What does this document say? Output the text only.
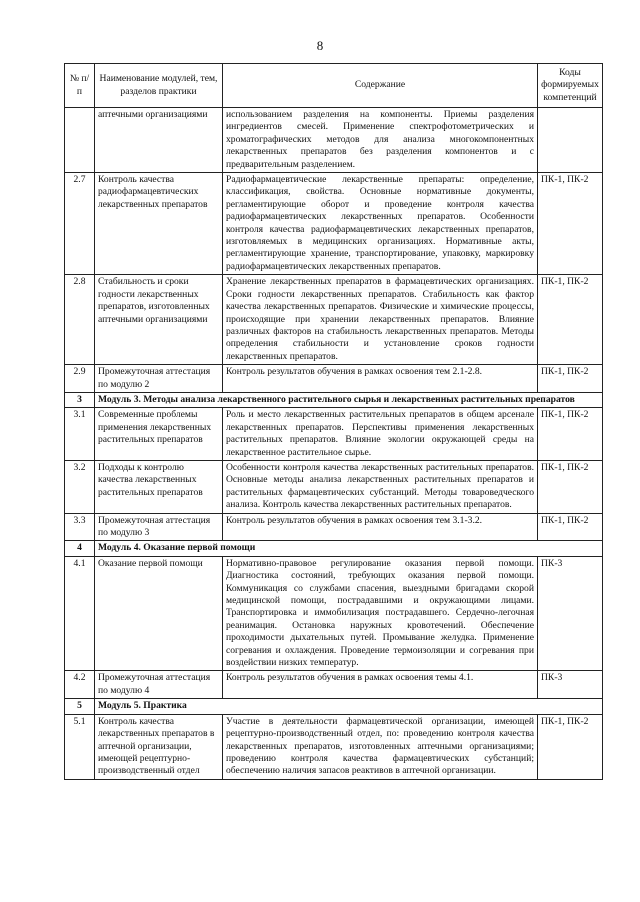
8
№ п/п	Наименование модулей, тем, разделов практики	Содержание	Коды формируемых компетенций
	аптечными организациями	использованием разделения на компоненты. Приемы разделения ингредиентов смесей. Применение спектрофотометрических и хроматографических методов для анализа многокомпонентных лекарственных препаратов без разделения компонентов и с предварительным разделением.	
2.7	Контроль качества радиофармацевтических лекарственных препаратов	Радиофармацевтические лекарственные препараты: определение, классификация, свойства. Основные нормативные документы, регламентирующие оборот и проведение контроля качества радиофармацевтических лекарственных препаратов. Особенности контроля качества радиофармацевтических лекарственных препаратов, изготовляемых в медицинских организациях. Нормативные акты, регламентирующие хранение, транспортирование, упаковку, маркировку радиофармацевтических лекарственных препаратов.	ПК-1, ПК-2
2.8	Стабильность и сроки годности лекарственных препаратов, изготовленных аптечными организациями	Хранение лекарственных препаратов в фармацевтических организациях. Сроки годности лекарственных препаратов. Стабильность как фактор качества лекарственных препаратов. Физические и химические процессы, происходящие при хранении лекарственных препаратов. Влияние различных факторов на стабильность лекарственных препаратов. Методы определения стабильности и установление сроков годности лекарственных препаратов.	ПК-1, ПК-2
2.9	Промежуточная аттестация по модулю 2	Контроль результатов обучения в рамках освоения тем 2.1-2.8.	ПК-1, ПК-2
3	Модуль 3. Методы анализа лекарственного растительного сырья и лекарственных растительных препаратов		
3.1	Современные проблемы применения лекарственных растительных препаратов	Роль и место лекарственных растительных препаратов в общем арсенале лекарственных препаратов. Перспективы применения лекарственных растительных препаратов. Влияние экологии окружающей среды на лекарственное растительное сырье.	ПК-1, ПК-2
3.2	Подходы к контролю качества лекарственных растительных препаратов	Особенности контроля качества лекарственных растительных препаратов. Основные методы анализа лекарственных растительных препаратов и растительных фармацевтических субстанций. Методы товароведческого анализа. Контроль качества лекарственных растительных препаратов.	ПК-1, ПК-2
3.3	Промежуточная аттестация по модулю 3	Контроль результатов обучения в рамках освоения тем 3.1-3.2.	ПК-1, ПК-2
4	Модуль 4. Оказание первой помощи		
4.1	Оказание первой помощи	Нормативно-правовое регулирование оказания первой помощи. Диагностика состояний, требующих оказания первой помощи. Коммуникация со службами спасения, выездными бригадами скорой медицинской помощи, пострадавшими и окружающими лицами. Транспортировка и иммобилизация пострадавшего. Сердечно-легочная реанимация. Остановка наружных кровотечений. Обеспечение проходимости дыхательных путей. Промывание желудка. Применение согревания и охлаждения. Проведение термоизоляции и согревания при воздействии низких температур.	ПК-3
4.2	Промежуточная аттестация по модулю 4	Контроль результатов обучения в рамках освоения темы 4.1.	ПК-3
5	Модуль 5. Практика		
5.1	Контроль качества лекарственных препаратов в аптечной организации, имеющей рецептурно-производственный отдел	Участие в деятельности фармацевтической организации, имеющей рецептурно-производственный отдел, по: проведению контроля качества лекарственных препаратов, изготовленных аптечными организациями; проведению контроля качества фармацевтических субстанций; обеспечению наличия запасов реактивов в аптечной организации.	ПК-1, ПК-2
